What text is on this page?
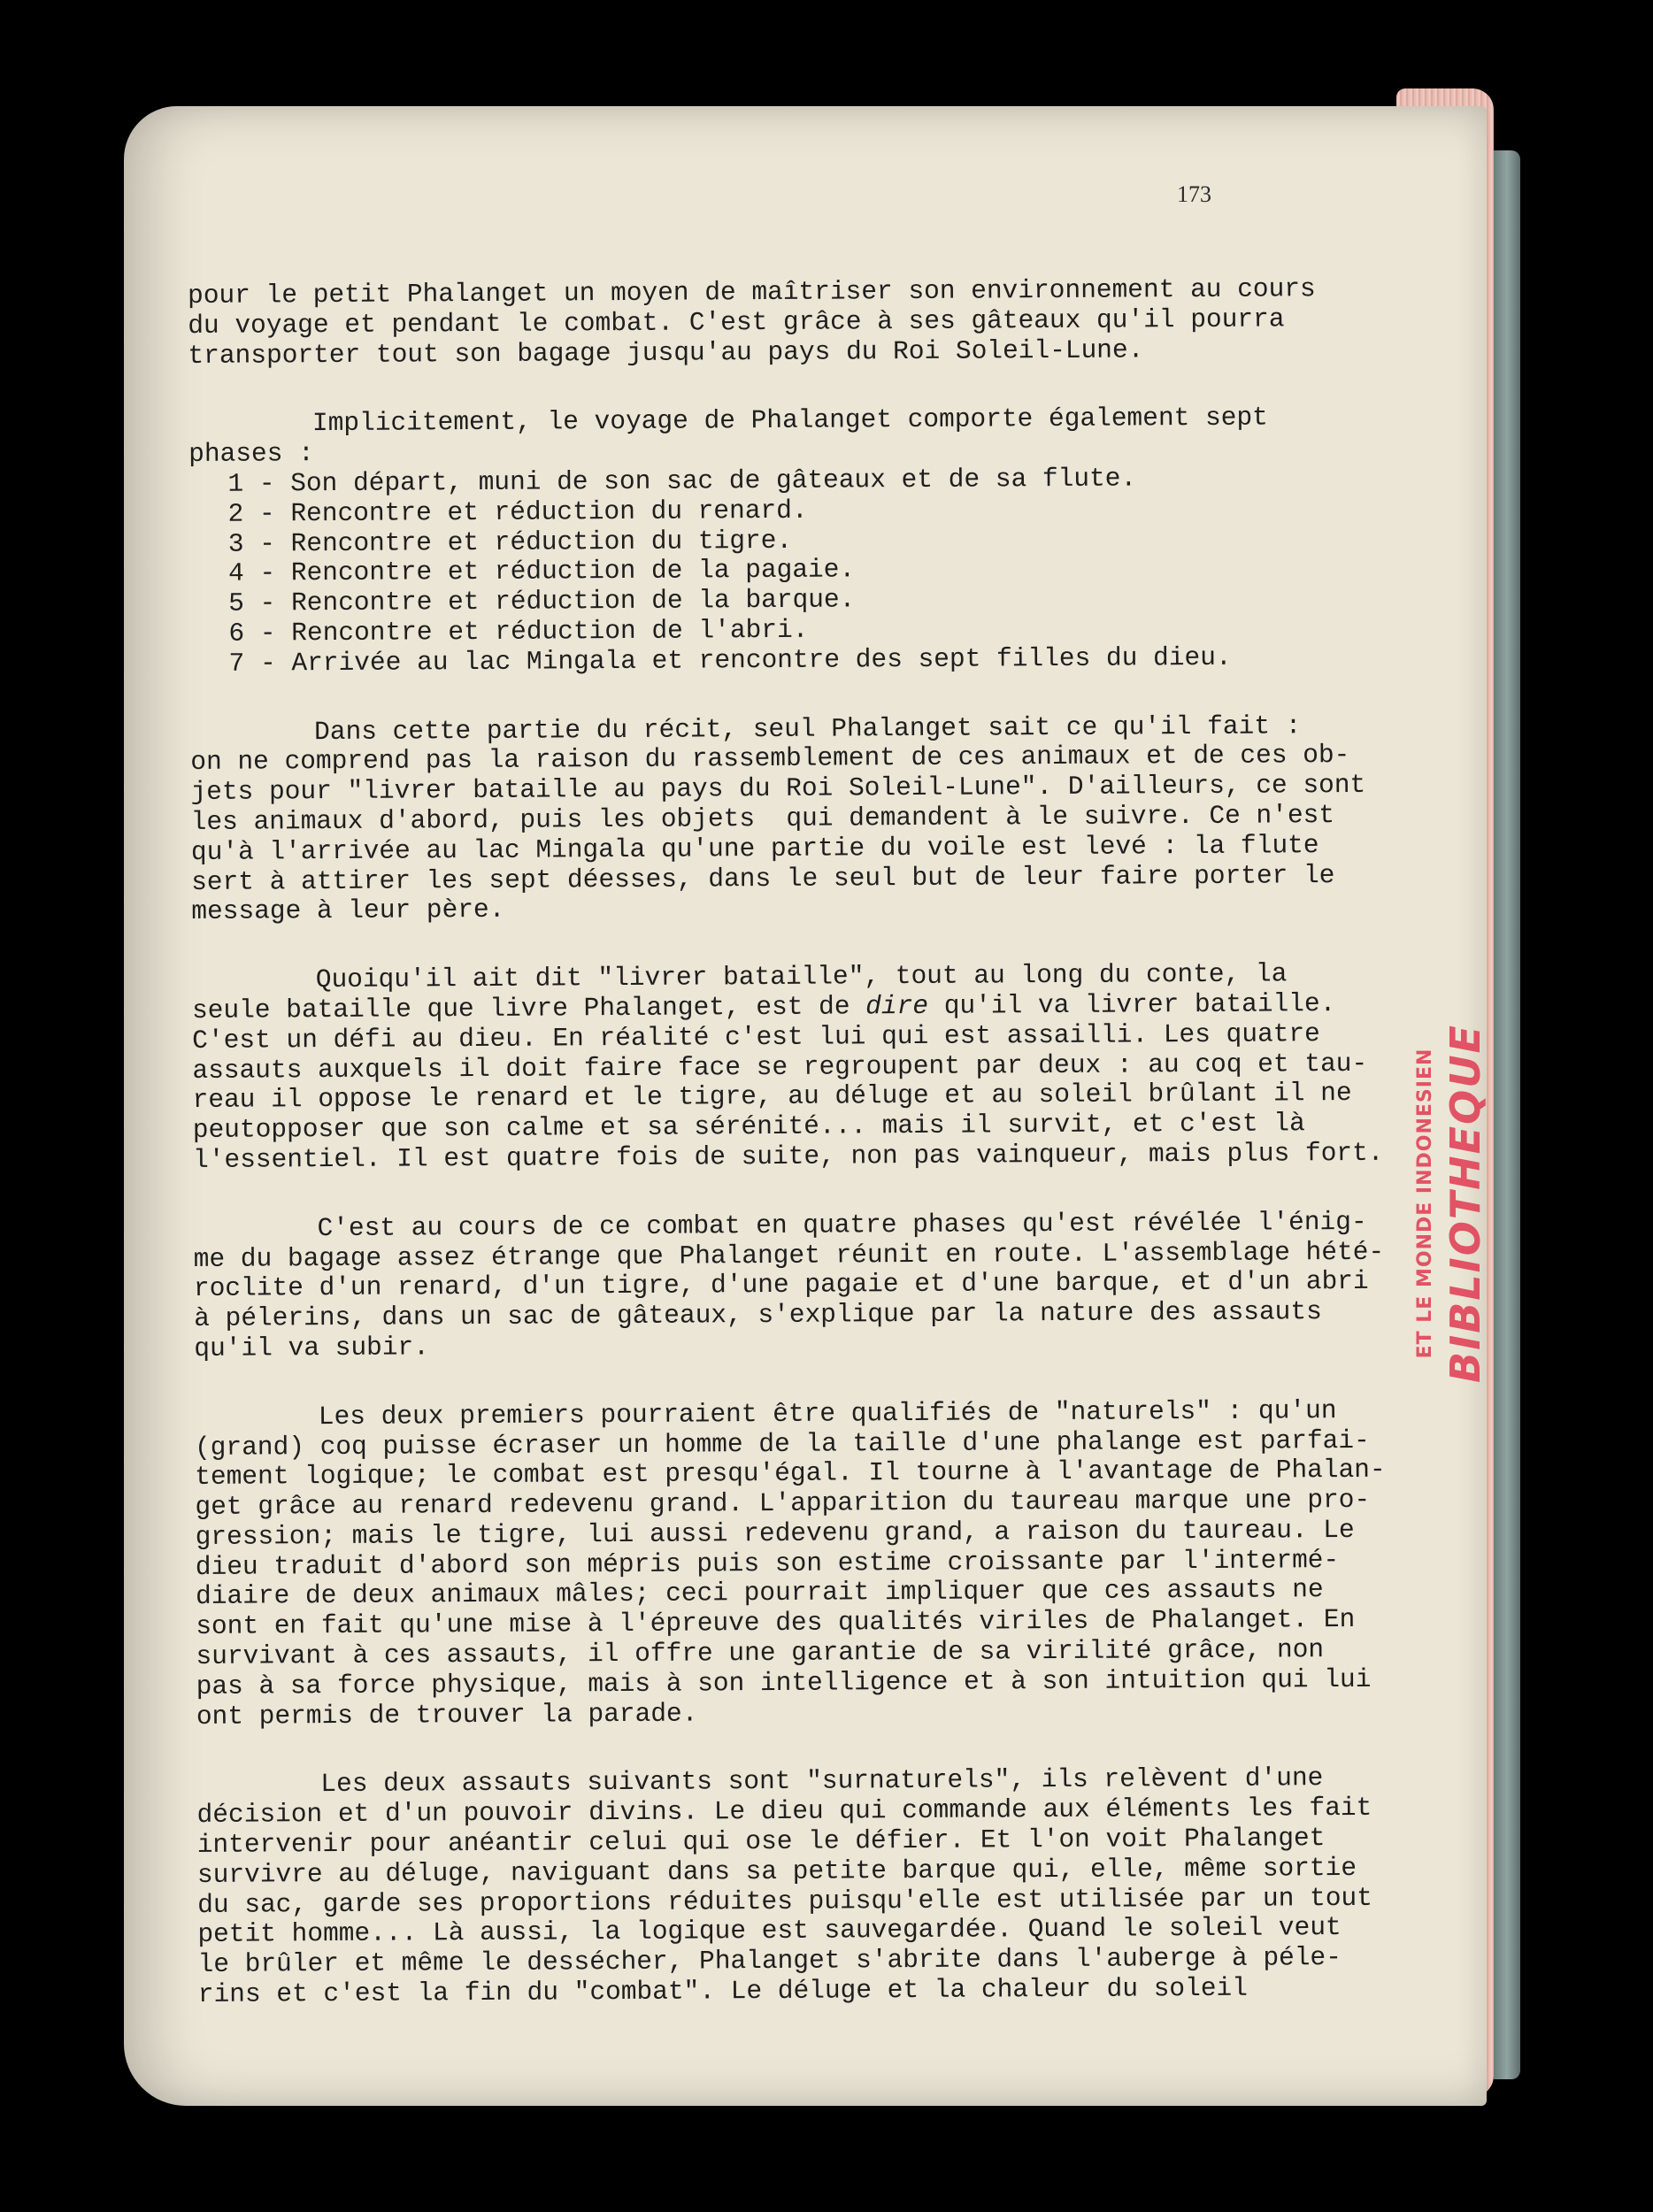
ET LE MONDE INDONESIEN BIBLIOTHEQUE
173
pour le petit Phalanget un moyen de maîtriser son environnement au cours
du voyage et pendant le combat. C'est grâce à ses gâteaux qu'il pourra
transporter tout son bagage jusqu'au pays du Roi Soleil-Lune.
Implicitement, le voyage de Phalanget comporte également sept
phases :
1 - Son départ, muni de son sac de gâteaux et de sa flute.
2 - Rencontre et réduction du renard.
3 - Rencontre et réduction du tigre.
4 - Rencontre et réduction de la pagaie.
5 - Rencontre et réduction de la barque.
6 - Rencontre et réduction de l'abri.
7 - Arrivée au lac Mingala et rencontre des sept filles du dieu.
Dans cette partie du récit, seul Phalanget sait ce qu'il fait :
on ne comprend pas la raison du rassemblement de ces animaux et de ces ob-
jets pour "livrer bataille au pays du Roi Soleil-Lune". D'ailleurs, ce sont
les animaux d'abord, puis les objets  qui demandent à le suivre. Ce n'est
qu'à l'arrivée au lac Mingala qu'une partie du voile est levé : la flute
sert à attirer les sept déesses, dans le seul but de leur faire porter le
message à leur père.
Quoiqu'il ait dit "livrer bataille", tout au long du conte, la
seule bataille que livre Phalanget, est de dire qu'il va livrer bataille.
C'est un défi au dieu. En réalité c'est lui qui est assailli. Les quatre
assauts auxquels il doit faire face se regroupent par deux : au coq et tau-
reau il oppose le renard et le tigre, au déluge et au soleil brûlant il ne
peutopposer que son calme et sa sérénité... mais il survit, et c'est là
l'essentiel. Il est quatre fois de suite, non pas vainqueur, mais plus fort.
C'est au cours de ce combat en quatre phases qu'est révélée l'énig-
me du bagage assez étrange que Phalanget réunit en route. L'assemblage hété-
roclite d'un renard, d'un tigre, d'une pagaie et d'une barque, et d'un abri
à pélerins, dans un sac de gâteaux, s'explique par la nature des assauts
qu'il va subir.
Les deux premiers pourraient être qualifiés de "naturels" : qu'un
(grand) coq puisse écraser un homme de la taille d'une phalange est parfai-
tement logique; le combat est presqu'égal. Il tourne à l'avantage de Phalan-
get grâce au renard redevenu grand. L'apparition du taureau marque une pro-
gression; mais le tigre, lui aussi redevenu grand, a raison du taureau. Le
dieu traduit d'abord son mépris puis son estime croissante par l'intermé-
diaire de deux animaux mâles; ceci pourrait impliquer que ces assauts ne
sont en fait qu'une mise à l'épreuve des qualités viriles de Phalanget. En
survivant à ces assauts, il offre une garantie de sa virilité grâce, non
pas à sa force physique, mais à son intelligence et à son intuition qui lui
ont permis de trouver la parade.
Les deux assauts suivants sont "surnaturels", ils relèvent d'une
décision et d'un pouvoir divins. Le dieu qui commande aux éléments les fait
intervenir pour anéantir celui qui ose le défier. Et l'on voit Phalanget
survivre au déluge, naviguant dans sa petite barque qui, elle, même sortie
du sac, garde ses proportions réduites puisqu'elle est utilisée par un tout
petit homme... Là aussi, la logique est sauvegardée. Quand le soleil veut
le brûler et même le dessécher, Phalanget s'abrite dans l'auberge à péle-
rins et c'est la fin du "combat". Le déluge et la chaleur du soleil
